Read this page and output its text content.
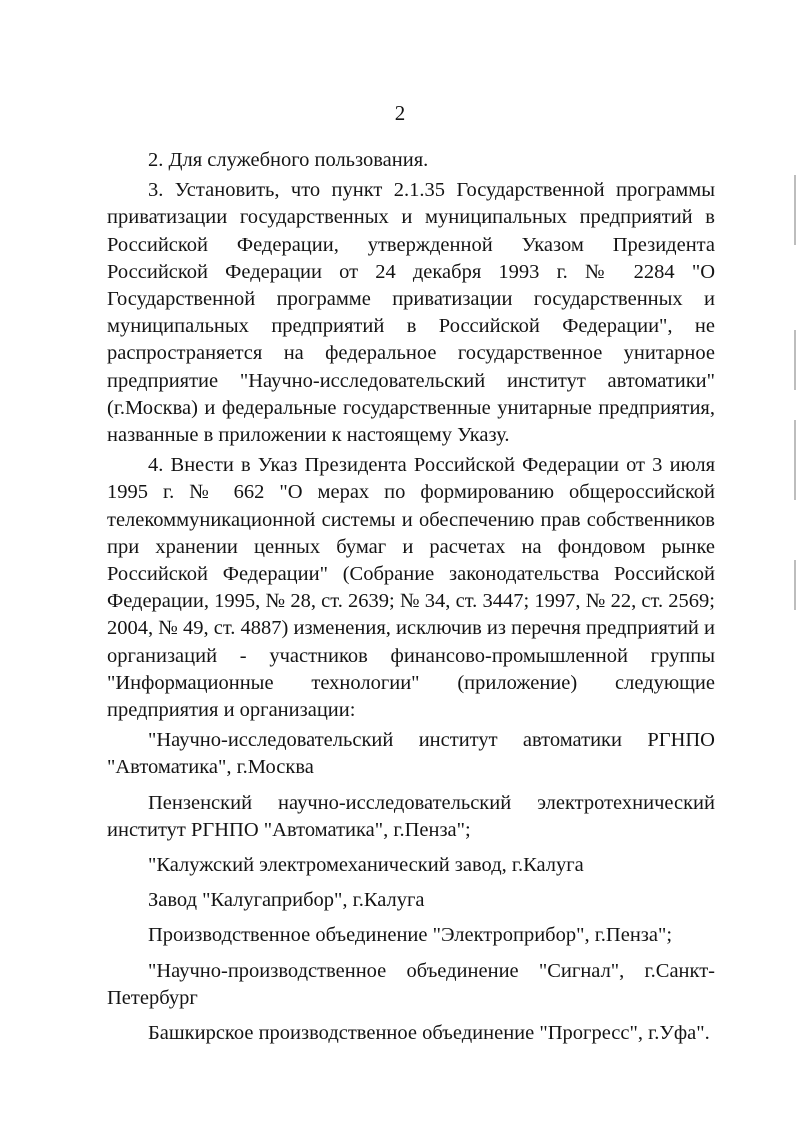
2

2. Для служебного пользования.

3. Установить, что пункт 2.1.35 Государственной программы приватизации государственных и муниципальных предприятий в Российской Федерации, утвержденной Указом Президента Российской Федерации от 24 декабря 1993 г. № 2284 "О Государственной программе приватизации государственных и муниципальных предприятий в Российской Федерации", не распространяется на федеральное государственное унитарное предприятие "Научно-исследовательский институт автоматики" (г.Москва) и федеральные государственные унитарные предприятия, названные в приложении к настоящему Указу.

4. Внести в Указ Президента Российской Федерации от 3 июля 1995 г. № 662 "О мерах по формированию общероссийской телекоммуникационной системы и обеспечению прав собственников при хранении ценных бумаг и расчетах на фондовом рынке Российской Федерации" (Собрание законодательства Российской Федерации, 1995, № 28, ст. 2639; № 34, ст. 3447; 1997, № 22, ст. 2569; 2004, № 49, ст. 4887) изменения, исключив из перечня предприятий и организаций - участников финансово-промышленной группы "Информационные технологии" (приложение) следующие предприятия и организации:

"Научно-исследовательский институт автоматики РГНПО "Автоматика", г.Москва

Пензенский научно-исследовательский электротехнический институт РГНПО "Автоматика", г.Пенза";

"Калужский электромеханический завод, г.Калуга

Завод "Калугаприбор", г.Калуга

Производственное объединение "Электроприбор", г.Пенза";

"Научно-производственное объединение "Сигнал", г.Санкт-Петербург

Башкирское производственное объединение "Прогресс", г.Уфа".
